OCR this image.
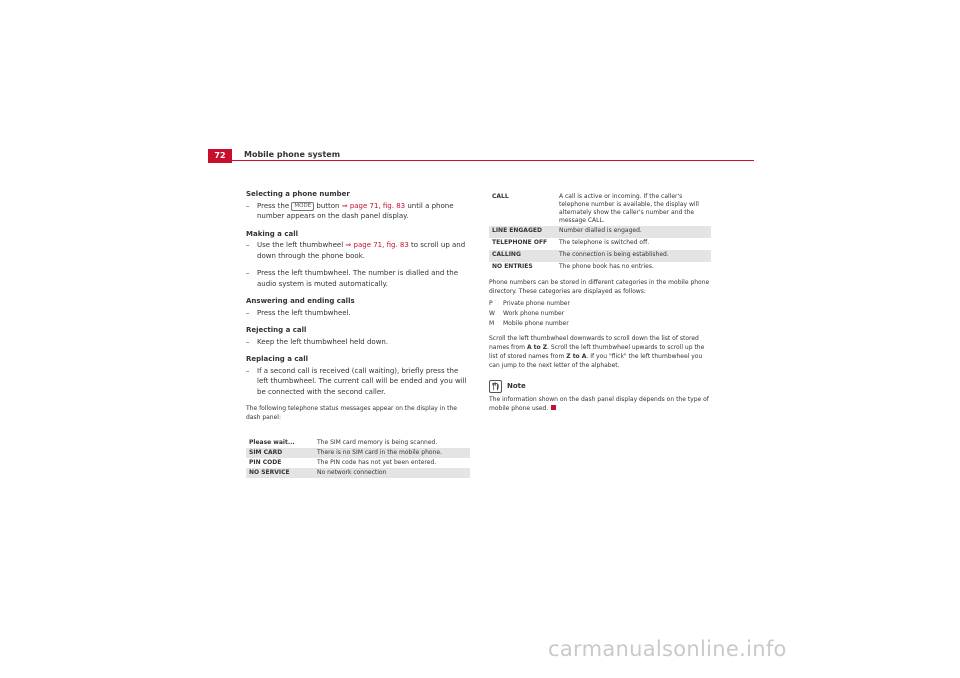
72	Mobile phone system
Selecting a phone number
– Press the MODE button ⇒ page 71, fig. 83 until a phone number appears on the dash panel display.
Making a call
– Use the left thumbwheel ⇒ page 71, fig. 83 to scroll up and down through the phone book.
– Press the left thumbwheel. The number is dialled and the audio system is muted automatically.
Answering and ending calls
– Press the left thumbwheel.
Rejecting a call
– Keep the left thumbwheel held down.
Replacing a call
– If a second call is received (call waiting), briefly press the left thumbwheel. The current call will be ended and you will be connected with the second caller.

The following telephone status messages appear on the display in the dash panel:

Please wait...	The SIM card memory is being scanned.
SIM CARD	There is no SIM card in the mobile phone.
PIN CODE	The PIN code has not yet been entered.
NO SERVICE	No network connection
CALL	A call is active or incoming. If the caller's telephone number is available, the display will alternately show the caller's number and the message CALL.
LINE ENGAGED	Number dialled is engaged.
TELEPHONE OFF	The telephone is switched off.
CALLING	The connection is being established.
NO ENTRIES	The phone book has no entries.

Phone numbers can be stored in different categories in the mobile phone directory. These categories are displayed as follows:

P	Private phone number
W	Work phone number
M	Mobile phone number

Scroll the left thumbwheel downwards to scroll down the list of stored names from A to Z. Scroll the left thumbwheel upwards to scroll up the list of stored names from Z to A. If you "flick" the left thumbwheel you can jump to the next letter of the alphabet.

Note

The information shown on the dash panel display depends on the type of mobile phone used.

carmanualsonline.info
